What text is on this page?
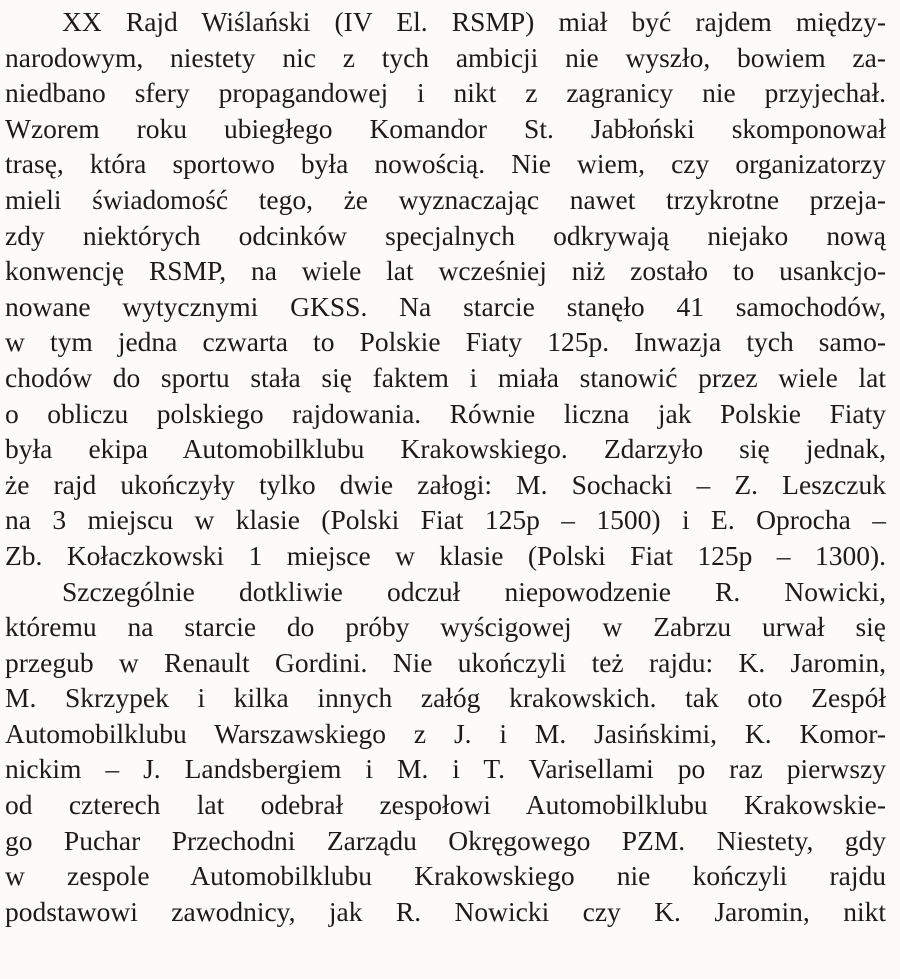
XX Rajd Wiślański (IV El. RSMP) miał być rajdem między-
narodowym, niestety nic z tych ambicji nie wyszło, bowiem za-
niedbano sfery propagandowej i nikt z zagranicy nie przyjechał.
Wzorem roku ubiegłego Komandor St. Jabłoński skomponował
trasę, która sportowo była nowością. Nie wiem, czy organizatorzy
mieli świadomość tego, że wyznaczając nawet trzykrotne przeja-
zdy niektórych odcinków specjalnych odkrywają niejako nową
konwencję RSMP, na wiele lat wcześniej niż zostało to usankcjo-
nowane wytycznymi GKSS. Na starcie stanęło 41 samochodów,
w tym jedna czwarta to Polskie Fiaty 125p. Inwazja tych samo-
chodów do sportu stała się faktem i miała stanowić przez wiele lat
o obliczu polskiego rajdowania. Równie liczna jak Polskie Fiaty
była ekipa Automobilklubu Krakowskiego. Zdarzyło się jednak,
że rajd ukończyły tylko dwie załogi: M. Sochacki – Z. Leszczuk
na 3 miejscu w klasie (Polski Fiat 125p – 1500) i E. Oprocha –
Zb. Kołaczkowski 1 miejsce w klasie (Polski Fiat 125p – 1300).
Szczególnie dotkliwie odczuł niepowodzenie R. Nowicki,
któremu na starcie do próby wyścigowej w Zabrzu urwał się
przegub w Renault Gordini. Nie ukończyli też rajdu: K. Jaromin,
M. Skrzypek i kilka innych załóg krakowskich. tak oto Zespół
Automobilklubu Warszawskiego z J. i M. Jasińskimi, K. Komor-
nickim – J. Landsbergiem i M. i T. Varisellami po raz pierwszy
od czterech lat odebrał zespołowi Automobilklubu Krakowskie-
go Puchar Przechodni Zarządu Okręgowego PZM. Niestety, gdy
w zespole Automobilklubu Krakowskiego nie kończyli rajdu
podstawowi zawodnicy, jak R. Nowicki czy K. Jaromin, nikt
